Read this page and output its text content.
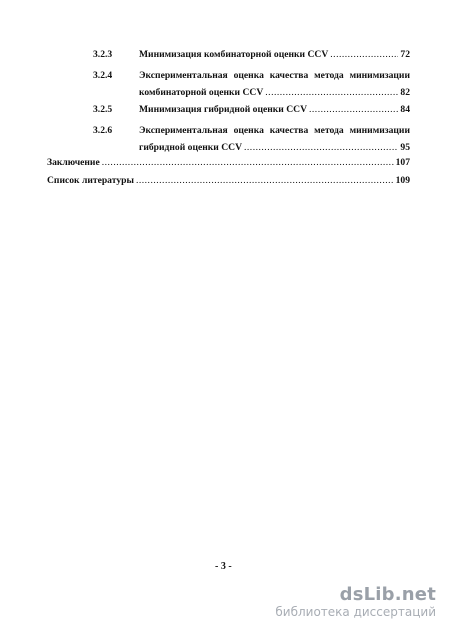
3.2.3	Минимизация комбинаторной оценки CCV .....	72
3.2.4	Экспериментальная оценка качества метода минимизации
комбинаторной оценки CCV .....	82
3.2.5	Минимизация гибридной оценки CCV .....	84
3.2.6	Экспериментальная оценка качества метода минимизации
гибридной оценки CCV .....	95
Заключение .....	107
Список литературы .....	109
- 3 -
dsLib.net
библиотека диссертаций
